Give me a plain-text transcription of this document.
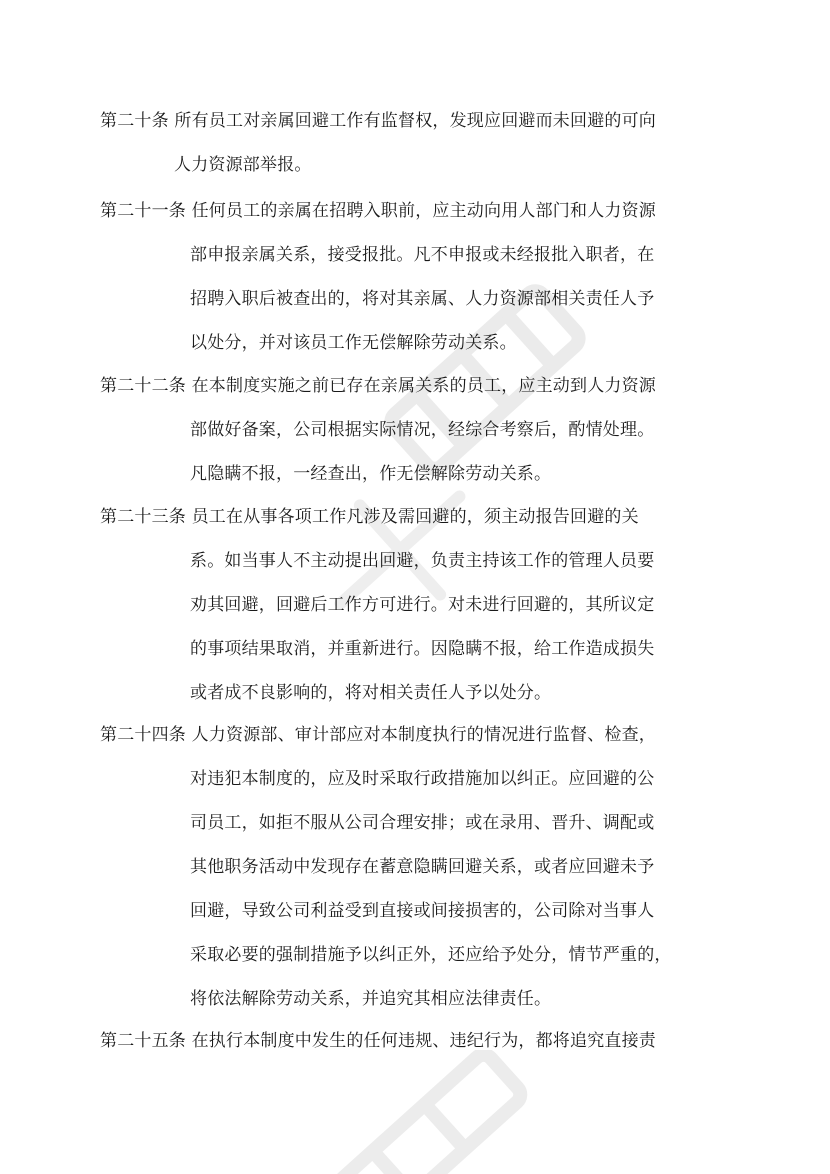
第二十条 所有员工对亲属回避工作有监督权，发现应回避而未回避的可向
人力资源部举报。
第二十一条 任何员工的亲属在招聘入职前，应主动向用人部门和人力资源
部申报亲属关系，接受报批。凡不申报或未经报批入职者，在
招聘入职后被查出的，将对其亲属、人力资源部相关责任人予
以处分，并对该员工作无偿解除劳动关系。
第二十二条 在本制度实施之前已存在亲属关系的员工，应主动到人力资源
部做好备案，公司根据实际情况，经综合考察后，酌情处理。
凡隐瞒不报，一经查出，作无偿解除劳动关系。
第二十三条 员工在从事各项工作凡涉及需回避的，须主动报告回避的关
系。如当事人不主动提出回避，负责主持该工作的管理人员要
劝其回避，回避后工作方可进行。对未进行回避的，其所议定
的事项结果取消，并重新进行。因隐瞒不报，给工作造成损失
或者成不良影响的，将对相关责任人予以处分。
第二十四条 人力资源部、审计部应对本制度执行的情况进行监督、检查，
对违犯本制度的，应及时采取行政措施加以纠正。应回避的公
司员工，如拒不服从公司合理安排；或在录用、晋升、调配或
其他职务活动中发现存在蓄意隐瞒回避关系，或者应回避未予
回避，导致公司利益受到直接或间接损害的，公司除对当事人
采取必要的强制措施予以纠正外，还应给予处分，情节严重的，
将依法解除劳动关系，并追究其相应法律责任。
第二十五条 在执行本制度中发生的任何违规、违纪行为，都将追究直接责
